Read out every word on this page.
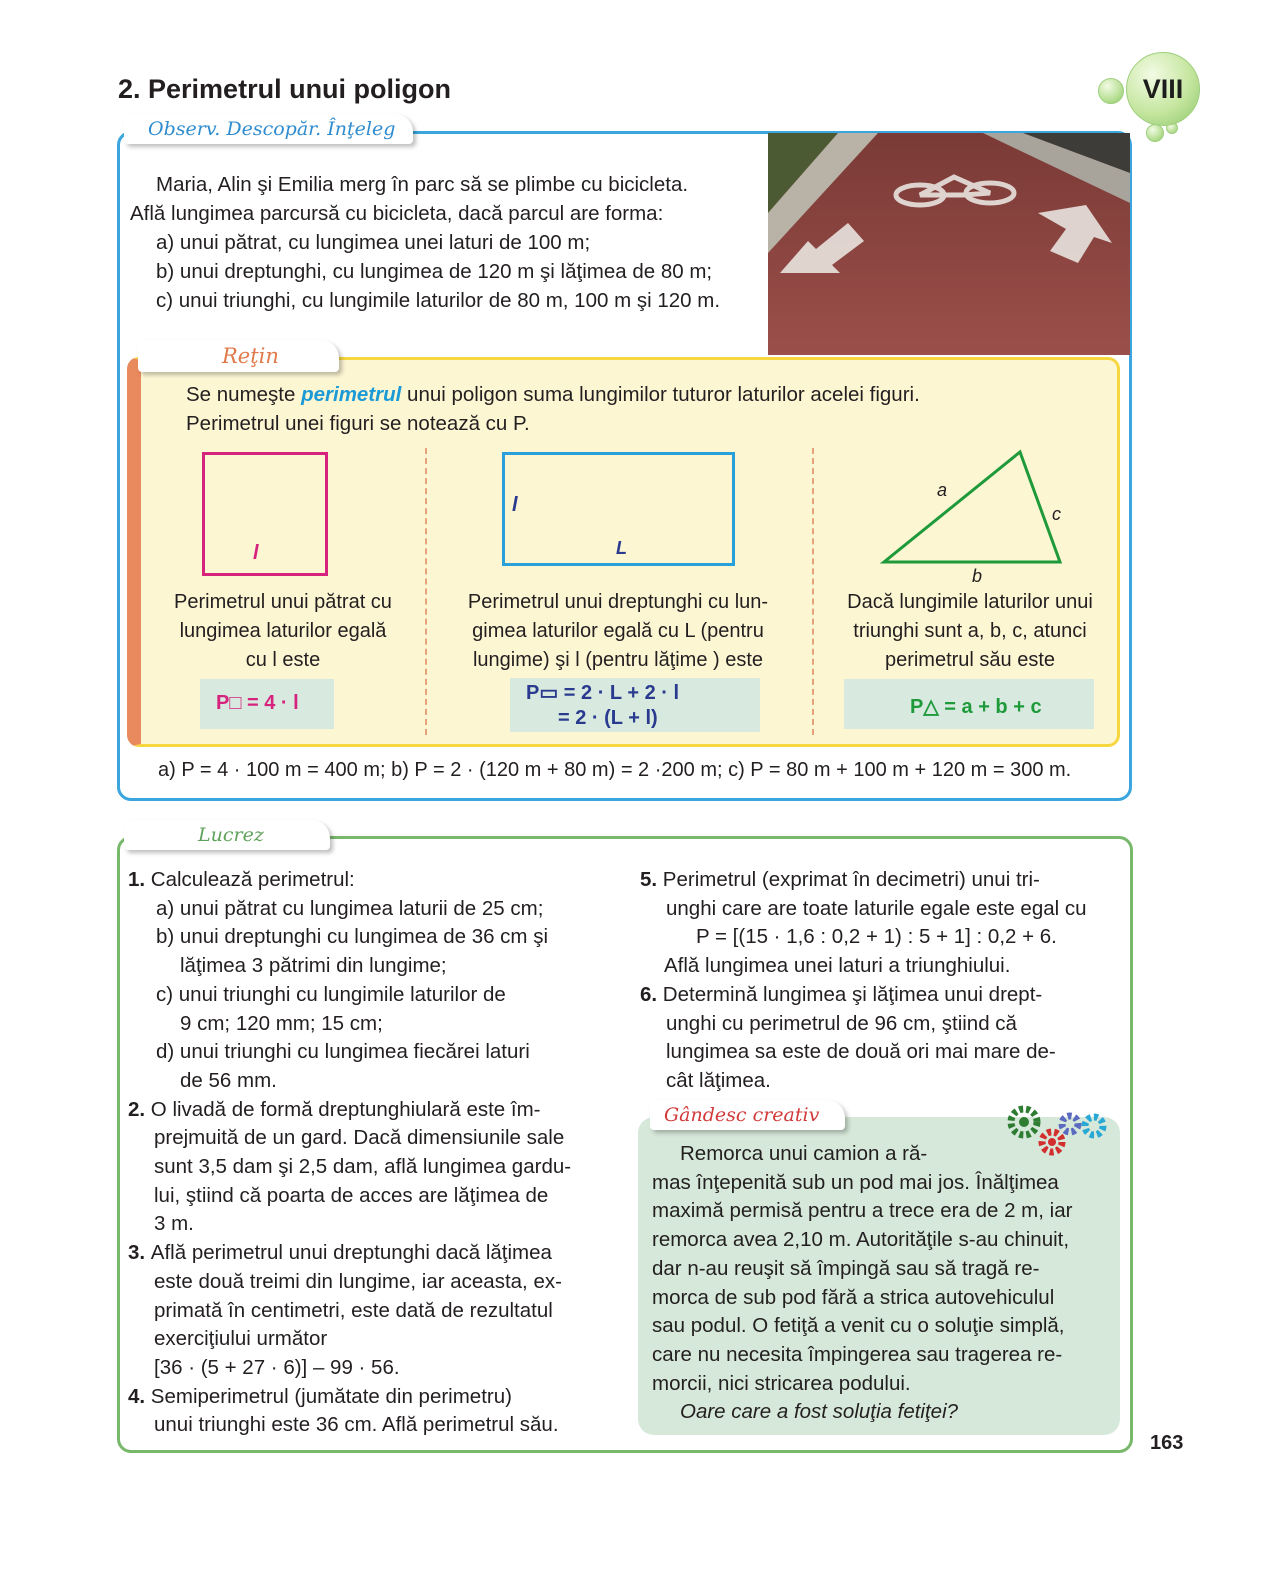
2. Perimetrul unui poligon	VIII
Observ. Descopăr. Înţeleg

Maria, Alin şi Emilia merg în parc să se plimbe cu bicicleta.

Află lungimea parcursă cu bicicleta, dacă parcul are forma:

a) unui pătrat, cu lungimea unei laturi de 100 m;

b) unui dreptunghi, cu lungimea de 120 m şi lăţimea de 80 m;

c) unui triunghi, cu lungimile laturilor de 80 m, 100 m şi 120 m.

Reţin
Se numeşte perimetrul unui poligon suma lungimilor tuturor laturilor acelei figuri.
Perimetrul unei figuri se notează cu P.
l
Perimetrul unui pătrat cu
lungimea laturilor egală
cu l este
P□ = 4 · l
l
L
Perimetrul unui dreptunghi cu lun-
gimea laturilor egală cu L (pentru
lungime) şi l (pentru lăţime ) este
P▭ = 2 · L + 2 · l
= 2 · (L + l)
a
c
b
Dacă lungimile laturilor unui
triunghi sunt a, b, c, atunci
perimetrul său este
P△ = a + b + c
a) P = 4 · 100 m = 400 m; b) P = 2 · (120 m + 80 m) = 2 ·200 m; c) P = 80 m + 100 m + 120 m = 300 m.
Lucrez
1. Calculează perimetrul:
a) unui pătrat cu lungimea laturii de 25 cm;
b) unui dreptunghi cu lungimea de 36 cm şi
lăţimea 3 pătrimi din lungime;
c) unui triunghi cu lungimile laturilor de
9 cm; 120 mm; 15 cm;
d) unui triunghi cu lungimea fiecărei laturi
de 56 mm.
2. O livadă de formă dreptunghiulară este îm-
prejmuită de un gard. Dacă dimensiunile sale
sunt 3,5 dam şi 2,5 dam, află lungimea gardu-
lui, ştiind că poarta de acces are lăţimea de
3 m.
3. Află perimetrul unui dreptunghi dacă lăţimea
este două treimi din lungime, iar aceasta, ex-
primată în centimetri, este dată de rezultatul
exerciţiului următor
[36 · (5 + 27 · 6)] – 99 · 56.
4. Semiperimetrul (jumătate din perimetru)
unui triunghi este 36 cm. Află perimetrul său.
5. Perimetrul (exprimat în decimetri) unui tri-
unghi care are toate laturile egale este egal cu
P = [(15 · 1,6 : 0,2 + 1) : 5 + 1] : 0,2 + 6.
Află lungimea unei laturi a triunghiului.
6. Determină lungimea şi lăţimea unui drept-
unghi cu perimetrul de 96 cm, ştiind că
lungimea sa este de două ori mai mare de-
cât lăţimea.
Gândesc creativ
Remorca unui camion a ră-
mas înţepenită sub un pod mai jos. Înălţimea
maximă permisă pentru a trece era de 2 m, iar
remorca avea 2,10 m. Autorităţile s-au chinuit,
dar n-au reuşit să împingă sau să tragă re-
morca de sub pod fără a strica autovehiculul
sau podul. O fetiţă a venit cu o soluţie simplă,
care nu necesita împingerea sau tragerea re-
morcii, nici stricarea podului.
Oare care a fost soluţia fetiţei?
163
